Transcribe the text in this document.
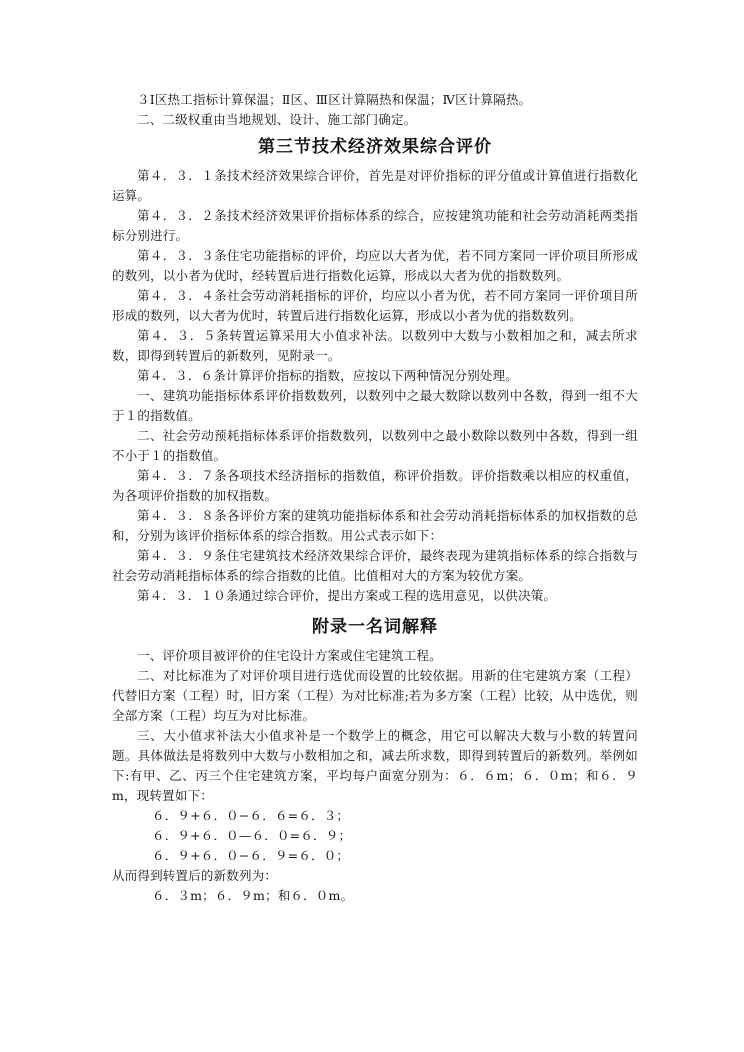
３Ⅰ区热工指标计算保温；Ⅱ区、Ⅲ区计算隔热和保温；Ⅳ区计算隔热。

二、二级权重由当地规划、设计、施工部门确定。

第三节技术经济效果综合评价

第４．３．１条技术经济效果综合评价，首先是对评价指标的评分值或计算值进行指数化运算。

第４．３．２条技术经济效果评价指标体系的综合，应按建筑功能和社会劳动消耗两类指标分别进行。

第４．３．３条住宅功能指标的评价，均应以大者为优，若不同方案同一评价项目所形成的数列，以小者为优时，经转置后进行指数化运算，形成以大者为优的指数数列。

第４．３．４条社会劳动消耗指标的评价，均应以小者为优，若不同方案同一评价项目所形成的数列，以大者为优时，转置后进行指数化运算，形成以小者为优的指数数列。

第４．３．５条转置运算采用大小值求补法。以数列中大数与小数相加之和，减去所求数，即得到转置后的新数列，见附录一。

第４．３．６条计算评价指标的指数，应按以下两种情况分别处理。

一、建筑功能指标体系评价指数数列，以数列中之最大数除以数列中各数，得到一组不大于１的指数值。

二、社会劳动预耗指标体系评价指数数列，以数列中之最小数除以数列中各数，得到一组不小于１的指数值。

第４．３．７条各项技术经济指标的指数值，称评价指数。评价指数乘以相应的权重值，为各项评价指数的加权指数。

第４．３．８条各评价方案的建筑功能指标体系和社会劳动消耗指标体系的加权指数的总和，分别为该评价指标体系的综合指数。用公式表示如下：

第４．３．９条住宅建筑技术经济效果综合评价，最终表现为建筑指标体系的综合指数与社会劳动消耗指标体系的综合指数的比值。比值相对大的方案为较优方案。

第４．３．１０条通过综合评价，提出方案或工程的选用意见，以供决策。

附录一名词解释

一、评价项目被评价的住宅设计方案或住宅建筑工程。

二、对比标准为了对评价项目进行选优而设置的比较依据。用新的住宅建筑方案（工程）代替旧方案（工程）时，旧方案（工程）为对比标准;若为多方案（工程）比较，从中选优，则全部方案（工程）均互为对比标准。

三、大小值求补法大小值求补是一个数学上的概念，用它可以解决大数与小数的转置问题。具体做法是将数列中大数与小数相加之和，减去所求数，即得到转置后的新数列。举例如下:有甲、乙、丙三个住宅建筑方案，平均每户面宽分别为：６．６m；６．０m；和６．９m，现转置如下：

６．９+６．０−６．６=６．３；

６．９+６．０—６．０=６．９；

６．９+６．０−６．９=６．０；

从而得到转置后的新数列为：

６．３m；６．９m；和６．０m。
